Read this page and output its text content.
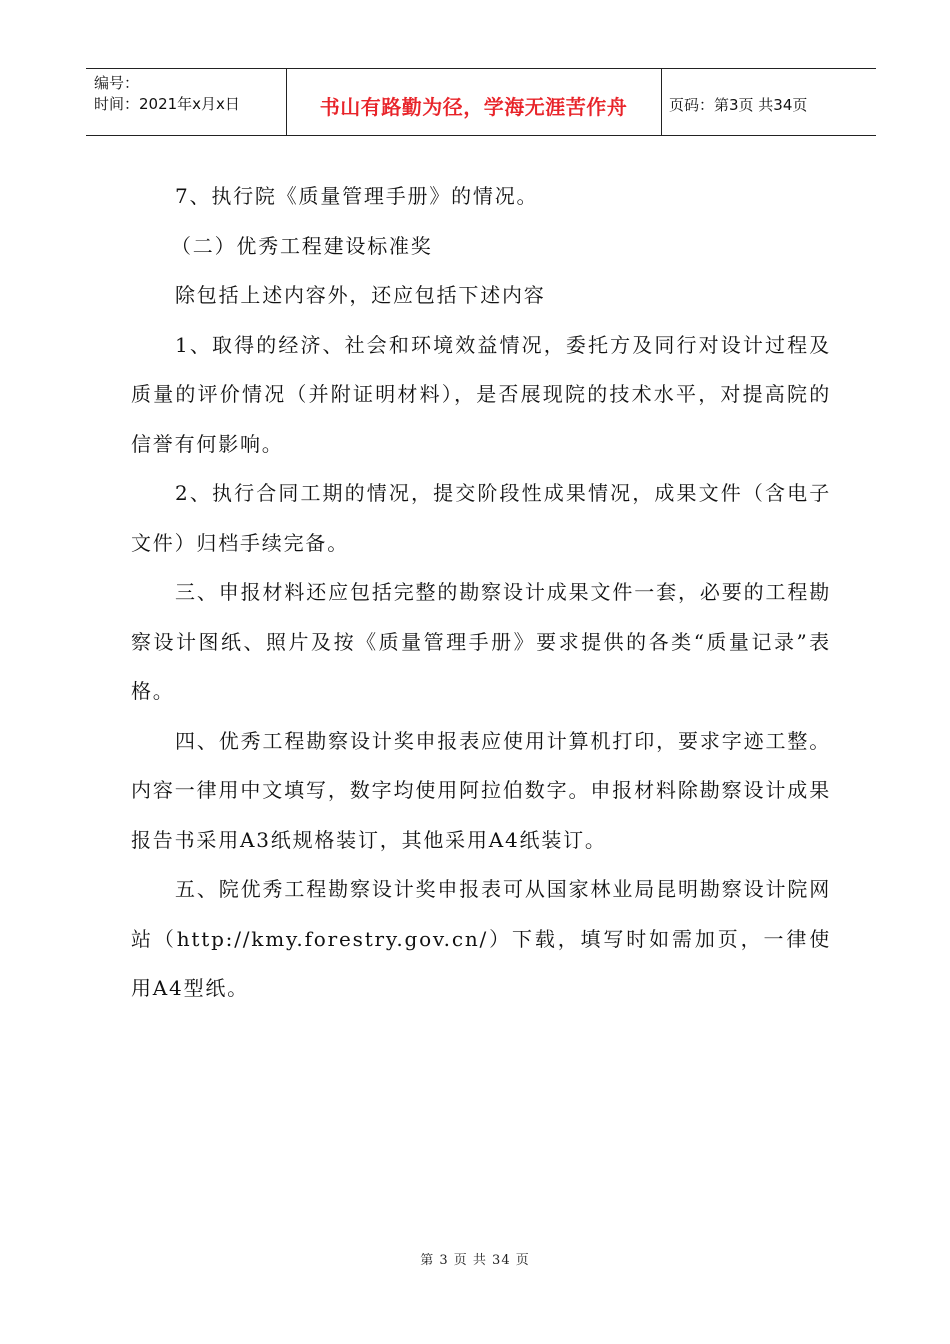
编号：
时间：2021年x月x日	书山有路勤为径，学海无涯苦作舟	页码：第3页 共34页

7、执行院《质量管理手册》的情况。

（二）优秀工程建设标准奖

除包括上述内容外，还应包括下述内容

1、取得的经济、社会和环境效益情况，委托方及同行对设计过程及质量的评价情况（并附证明材料），是否展现院的技术水平，对提高院的信誉有何影响。

2、执行合同工期的情况，提交阶段性成果情况，成果文件（含电子文件）归档手续完备。

三、申报材料还应包括完整的勘察设计成果文件一套，必要的工程勘察设计图纸、照片及按《质量管理手册》要求提供的各类“质量记录”表格。

四、优秀工程勘察设计奖申报表应使用计算机打印，要求字迹工整。内容一律用中文填写，数字均使用阿拉伯数字。申报材料除勘察设计成果报告书采用A3纸规格装订，其他采用A4纸装订。

五、院优秀工程勘察设计奖申报表可从国家林业局昆明勘察设计院网站（http://kmy.forestry.gov.cn/）下载，填写时如需加页，一律使用A4型纸。

第 3 页 共 34 页
